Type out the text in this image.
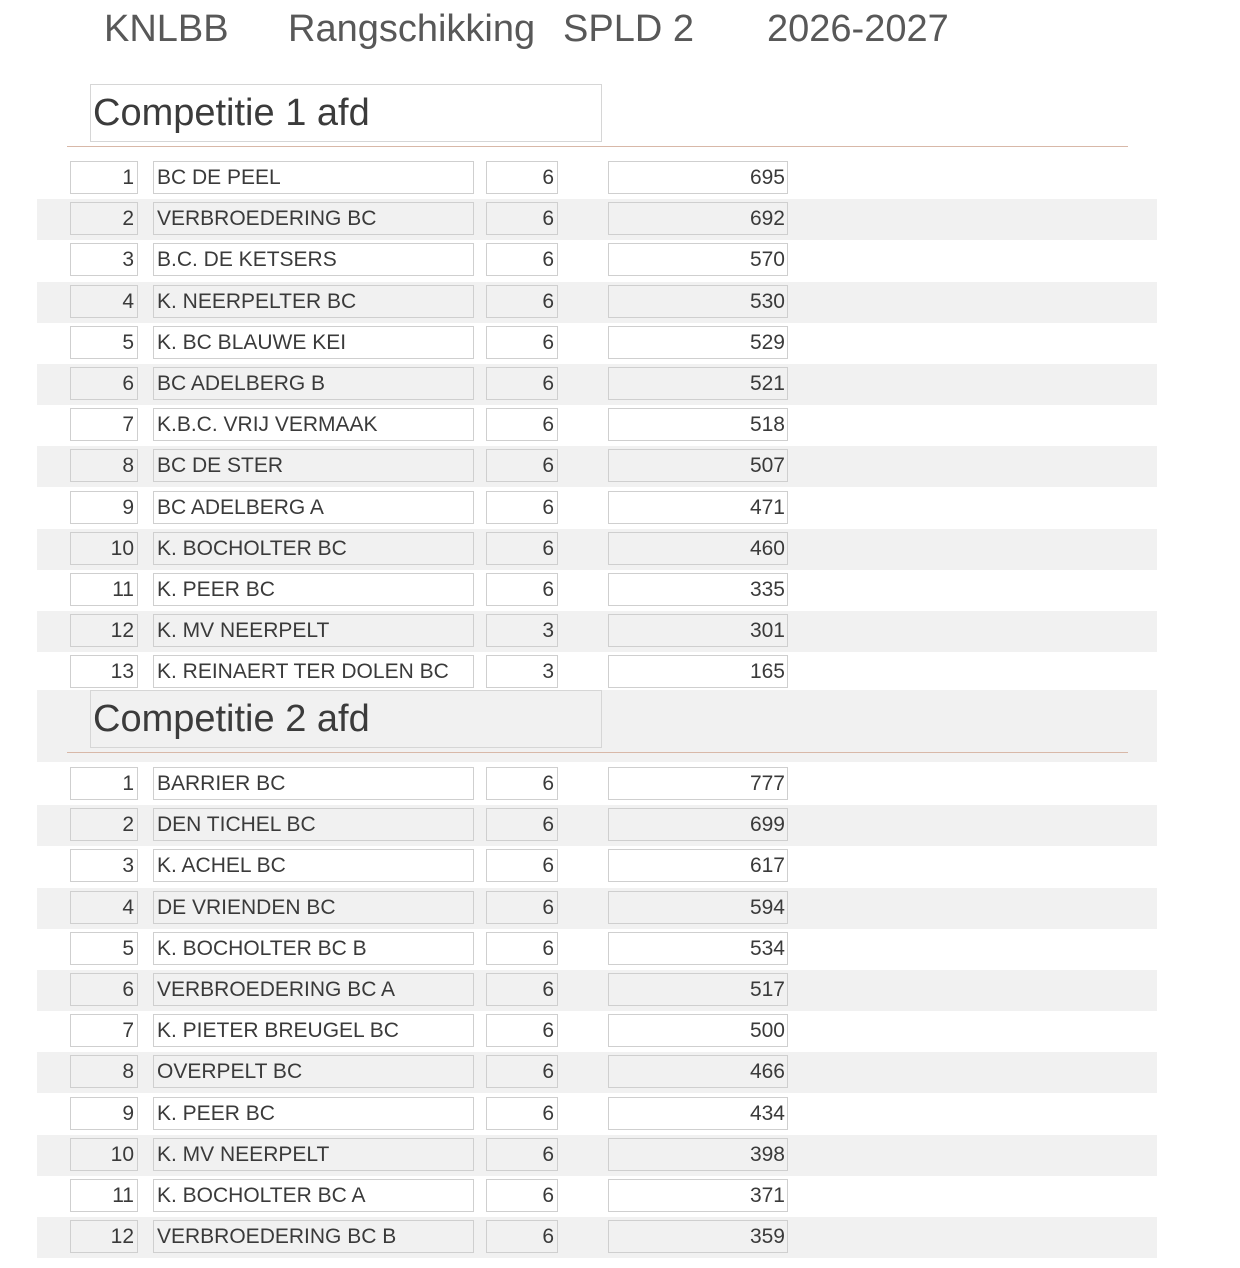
KNLBB Rangschikking SPLD 2 2026-2027
Competitie 1 afd
1 BC DE PEEL	6	695
2 VERBROEDERING BC	6	692
3 B.C. DE KETSERS	6	570
4 K. NEERPELTER BC	6	530
5 K. BC BLAUWE KEI	6	529
6 BC ADELBERG B	6	521
7 K.B.C. VRIJ VERMAAK	6	518
8 BC DE STER	6	507
9 BC ADELBERG A	6	471
10 K. BOCHOLTER BC	6	460
11 K. PEER BC	6	335
12 K. MV NEERPELT	3	301
13 K. REINAERT TER DOLEN BC	3	165
Competitie 2 afd
1 BARRIER BC	6	777
2 DEN TICHEL BC	6	699
3 K. ACHEL BC	6	617
4 DE VRIENDEN BC	6	594
5 K. BOCHOLTER BC B	6	534
6 VERBROEDERING BC A	6	517
7 K. PIETER BREUGEL BC	6	500
8 OVERPELT BC	6	466
9 K. PEER BC	6	434
10 K. MV NEERPELT	6	398
11 K. BOCHOLTER BC A	6	371
12 VERBROEDERING BC B	6	359
